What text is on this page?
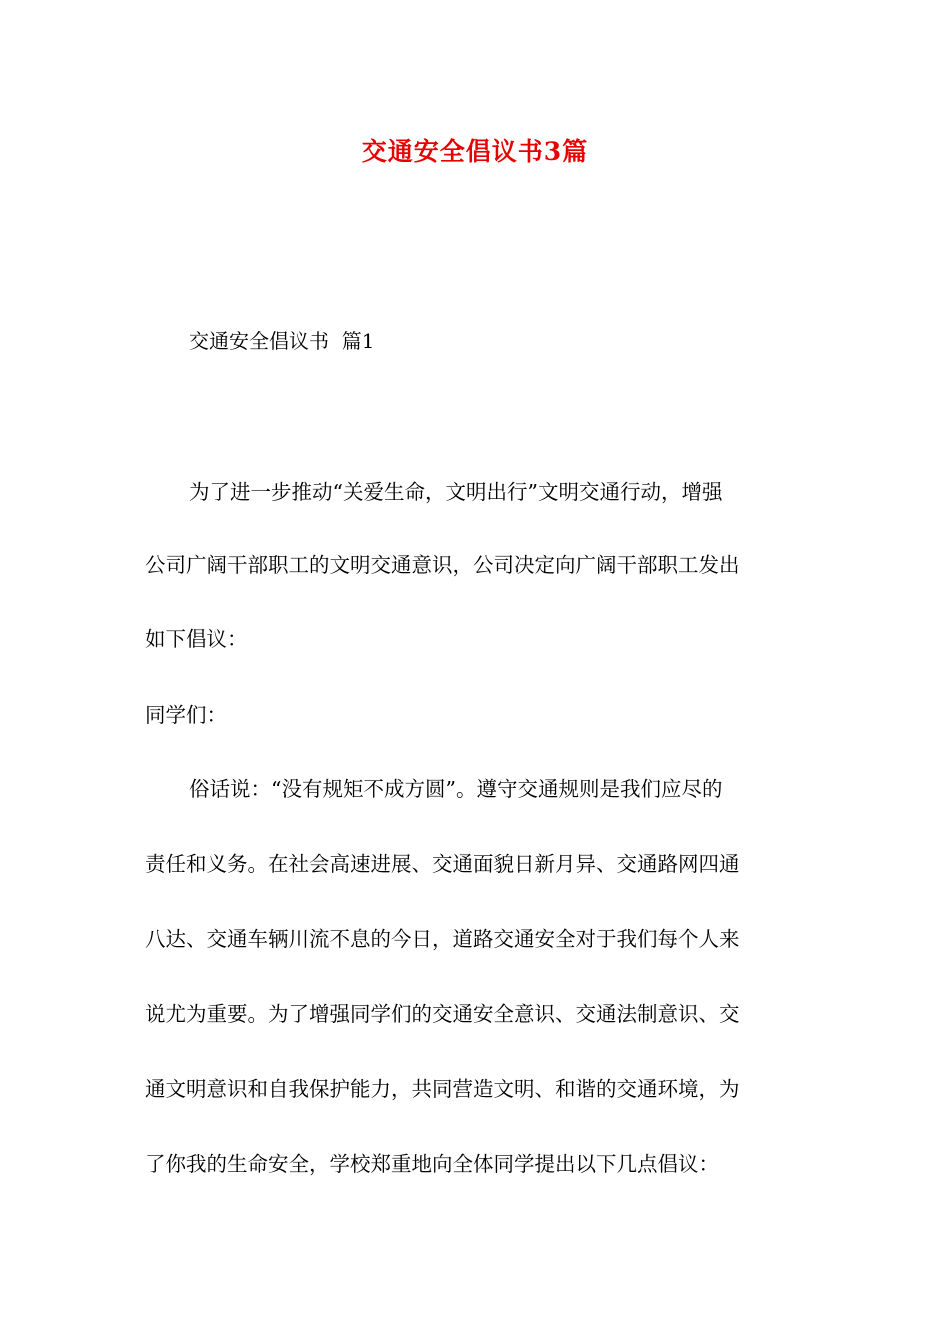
交通安全倡议书3篇
交通安全倡议书  篇1
为了进一步推动“关爱生命，文明出行”文明交通行动，增强
公司广阔干部职工的文明交通意识，公司决定向广阔干部职工发出
如下倡议：
同学们：
俗话说：“没有规矩不成方圆”。遵守交通规则是我们应尽的
责任和义务。在社会高速进展、交通面貌日新月异、交通路网四通
八达、交通车辆川流不息的今日，道路交通安全对于我们每个人来
说尤为重要。为了增强同学们的交通安全意识、交通法制意识、交
通文明意识和自我保护能力，共同营造文明、和谐的交通环境，为
了你我的生命安全，学校郑重地向全体同学提出以下几点倡议：
